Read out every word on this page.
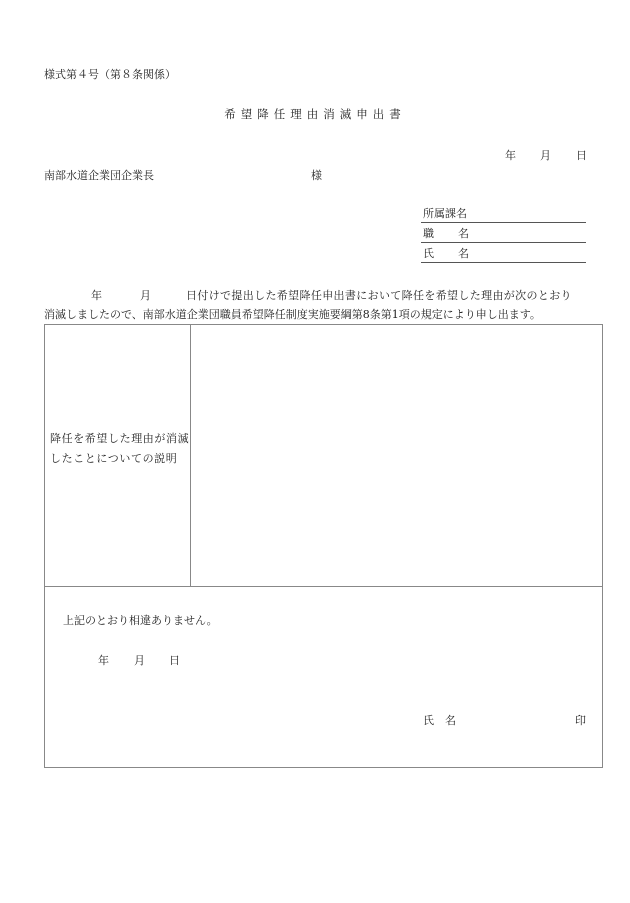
様式第４号（第８条関係）
希望降任理由消滅申出書
年 月 日
南部水道企業団企業長	様
所属課名
職 名
氏 名
年	月	日付けで提出した希望降任申出書において降任を希望した理由が次のとおり
消滅しましたので、南部水道企業団職員希望降任制度実施要綱第8条第1項の規定により申し出ます。
降任を希望した理由が消滅したことについての説明
上記のとおり相違ありません。
年 月 日
氏　名	印
